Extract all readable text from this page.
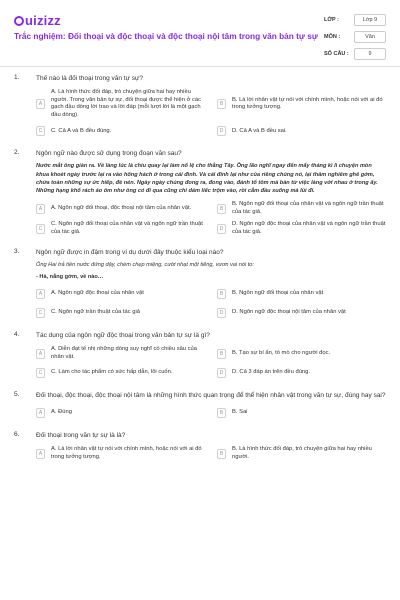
uizizz
Trắc nghiệm: Đối thoại và độc thoại và độc thoại nội tâm trong văn bản tự sự
LỚP :	Lớp 9
MÔN :	Văn
SỐ CÂU :	9
1.	Thế nào là đối thoại trong văn tự sự?
A
A. Là hình thức đối đáp, trò chuyện giữa hai hay nhiều người. Trong văn bản tự sự, đối thoại được thể hiện ở các gạch đầu dòng lời trao và lời đáp (mỗi lượt lời là một gạch đầu dòng).
B
B. Là lời nhân vật tự nói với chính mình, hoặc nói với ai đó trong tưởng tượng.
C	C. Cả A và B đều đúng.	D	D. Cả A và B đều sai.
2.	Ngôn ngữ nào được sử dụng trong đoạn văn sau?
Nước mắt ông giàn ra. Về làng lúc là chiu quay lại làm nổ lệ cho thằng Tây. Ông lão nghĩ ngay đến mấy tháng kì lì chuyện mòn khua khoét ngày trước lại ra vào hống hách ở trong cái đình. Và cái đình lại như của riêng chúng nó, lại thâm nghiêm ghê gớm, chứa toàn những sự ức hiếp, đè nén. Ngày ngày chúng đong ra, đong vào, đánh tổ tôm mà bàn từ việc làng với nhau ở trong ấy. Những hạng khố rách áo ôm như ông có đi qua cũng chỉ dám liếc trộm vào, rồi cắm đầu xuống mà lủi đi.
A	A. Ngôn ngữ đối thoại, độc thoại nội tâm của nhân vật.	B
B. Ngôn ngữ đối thoại của nhân vật và ngôn ngữ trần thuật của tác giả.
C
C. Ngôn ngữ đối thoại của nhân vật và ngôn ngữ trần thuật của tác giả.	D
D. Ngôn ngữ độc thoại của nhân vật và ngôn ngữ trần thuật của tác giả.
3.	Ngôn ngữ được in đậm trong ví dụ dưới đây thuộc kiểu loại nào?
Ông Hai trả tiền nước đứng dậy, chèm chẹp miệng, cười nhạt một tiếng, vươn vai nói to:
- Hà, nắng gớm, về nào…
A	A. Ngôn ngữ độc thoại của nhân vật	B	B. Ngôn ngữ đối thoại của nhân vật
C	C. Ngôn ngữ trần thuật của tác giả	D	D. Ngôn ngữ độc thoại nội tâm của nhân vật
4.	Tác dụng của ngôn ngữ độc thoại trong văn bản tự sự là gì?
A
A. Diễn đạt tế nhị những dòng suy nghĩ có chiều sâu của nhân vật.	B	B. Tạo sự bí ẩn, tò mò cho người đọc.
C	C. Làm cho tác phẩm có sức hấp dẫn, lôi cuốn.	D	D. Cả 3 đáp án trên đều đúng.
5.	Đối thoại, độc thoại, độc thoại nội tâm là những hình thức quan trọng để thể hiện nhân vật trong văn tự sự, đúng hay sai?
A	A. Đúng	B	B. Sai
6.	Đối thoại trong văn tự sự là là?
A
A. Là lời nhân vật tự nói với chính mình, hoặc nói với ai đó trong tưởng tượng.	B
B. Là hình thức đối đáp, trò chuyện giữa hai hay nhiều người.
